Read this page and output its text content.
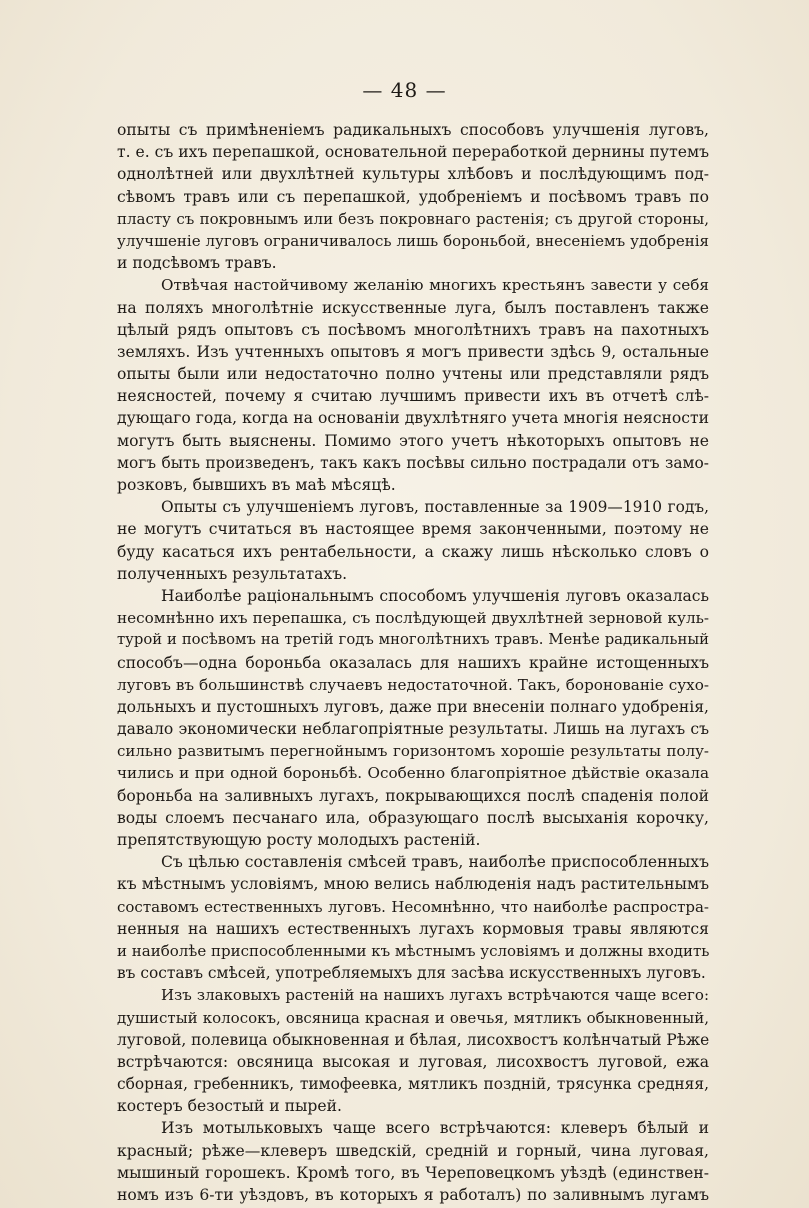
— 48 —
опыты съ примѣненiемъ радикальныхъ способовъ улучшенiя луговъ,
т. е. съ ихъ перепашкой, основательной переработкой дернины путемъ
однолѣтней или двухлѣтней культуры хлѣбовъ и послѣдующимъ под-
сѣвомъ травъ или съ перепашкой, удобренiемъ и посѣвомъ травъ по
пласту съ покровнымъ или безъ покровнаго растенiя; съ другой стороны,
улучшенiе луговъ ограничивалось лишь бороньбой, внесенiемъ удобренiя
и подсѣвомъ травъ.
Отвѣчая настойчивому желанiю многихъ крестьянъ завести у себя
на поляхъ многолѣтнiе искусственные луга, былъ поставленъ также
цѣлый рядъ опытовъ съ посѣвомъ многолѣтнихъ травъ на пахотныхъ
земляхъ. Изъ учтенныхъ опытовъ я могъ привести здѣсь 9, остальные
опыты были или недостаточно полно учтены или представляли рядъ
неясностей, почему я считаю лучшимъ привести ихъ въ отчетѣ слѣ-
дующаго года, когда на основанiи двухлѣтняго учета многiя неясности
могутъ быть выяснены. Помимо этого учетъ нѣкоторыхъ опытовъ не
могъ быть произведенъ, такъ какъ посѣвы сильно пострадали отъ замо-
розковъ, бывшихъ въ маѣ мѣсяцѣ.
Опыты съ улучшенiемъ луговъ, поставленные за 1909—1910 годъ,
не могутъ считаться въ настоящее время законченными, поэтому не
буду касаться ихъ рентабельности, а скажу лишь нѣсколько словъ о
полученныхъ результатахъ.
Наиболѣе рацiональнымъ способомъ улучшенiя луговъ оказалась
несомнѣнно ихъ перепашка, съ послѣдующей двухлѣтней зерновой куль-
турой и посѣвомъ на третiй годъ многолѣтнихъ травъ. Менѣе радикальный
способъ—одна бороньба оказалась для нашихъ крайне истощенныхъ
луговъ въ большинствѣ случаевъ недостаточной. Такъ, боронованiе сухо-
дольныхъ и пустошныхъ луговъ, даже при внесенiи полнаго удобренiя,
давало экономически неблагопрiятные результаты. Лишь на лугахъ съ
сильно развитымъ перегнойнымъ горизонтомъ хорошiе результаты полу-
чились и при одной бороньбѣ. Особенно благопрiятное дѣйствiе оказала
бороньба на заливныхъ лугахъ, покрывающихся послѣ спаденiя полой
воды слоемъ песчанаго ила, образующаго послѣ высыханiя корочку,
препятствующую росту молодыхъ растенiй.
Съ цѣлью составленiя смѣсей травъ, наиболѣе приспособленныхъ
къ мѣстнымъ условiямъ, мною велись наблюденiя надъ растительнымъ
составомъ естественныхъ луговъ. Несомнѣнно, что наиболѣе распростра-
ненныя на нашихъ естественныхъ лугахъ кормовыя травы являются
и наиболѣе приспособленными къ мѣстнымъ условiямъ и должны входить
въ составъ смѣсей, употребляемыхъ для засѣва искусственныхъ луговъ.
Изъ злаковыхъ растенiй на нашихъ лугахъ встрѣчаются чаще всего:
душистый колосокъ, овсяница красная и овечья, мятликъ обыкновенный,
луговой, полевица обыкновенная и бѣлая, лисохвостъ колѣнчатый Рѣже
встрѣчаются: овсяница высокая и луговая, лисохвостъ луговой, ежа
сборная, гребенникъ, тимофеевка, мятликъ поздній, трясунка средняя,
костеръ безостый и пырей.
Изъ мотыльковыхъ чаще всего встрѣчаются: клеверъ бѣлый и
красный; рѣже—клеверъ шведскiй, среднiй и горный, чина луговая,
мышиный горошекъ. Кромѣ того, въ Череповецкомъ уѣздѣ (единствен-
номъ изъ 6-ти уѣздовъ, въ которыхъ я работалъ) по заливнымъ лугамъ
